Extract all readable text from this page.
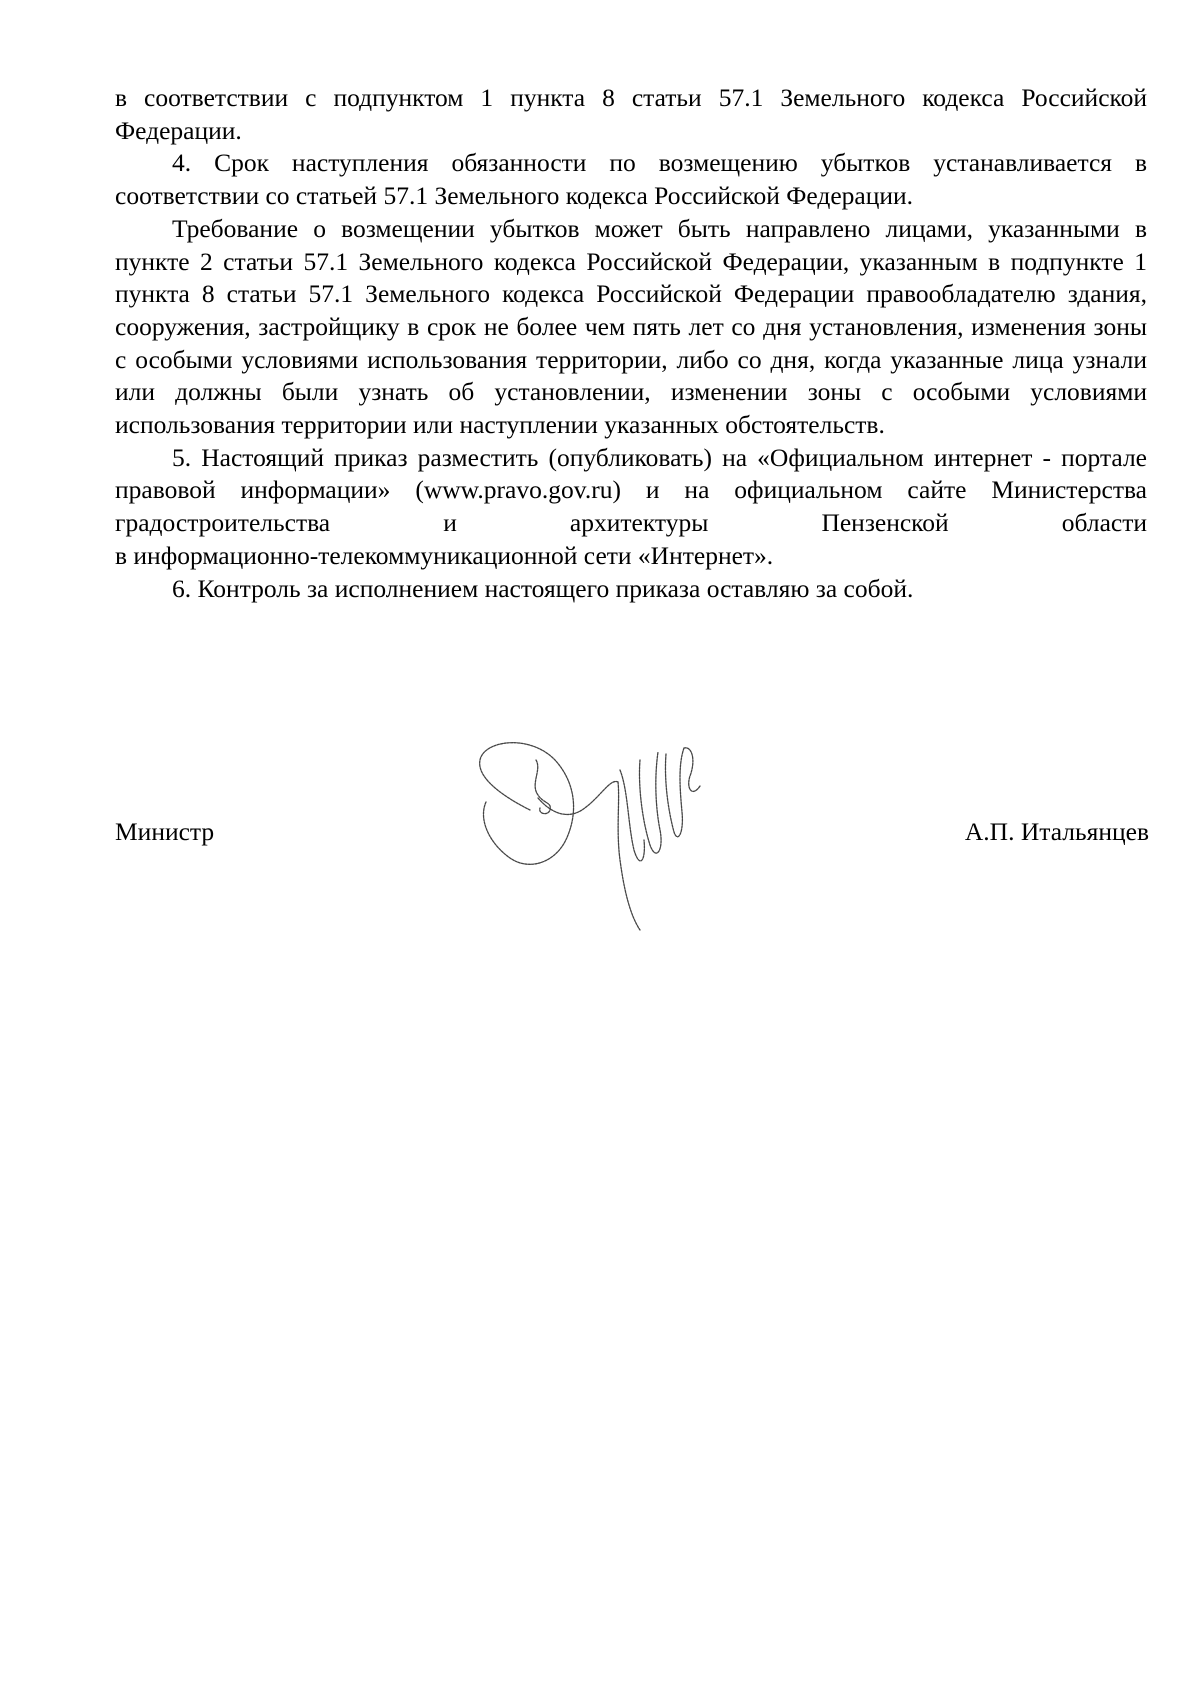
в соответствии с подпунктом 1 пункта 8 статьи 57.1 Земельного кодекса Российской Федерации.

4. Срок наступления обязанности по возмещению убытков устанавливается в соответствии со статьей 57.1 Земельного кодекса Российской Федерации.

Требование о возмещении убытков может быть направлено лицами, указанными в пункте 2 статьи 57.1 Земельного кодекса Российской Федерации, указанным в подпункте 1 пункта 8 статьи 57.1 Земельного кодекса Российской Федерации правообладателю здания, сооружения, застройщику в срок не более чем пять лет со дня установления, изменения зоны с особыми условиями использования территории, либо со дня, когда указанные лица узнали или должны были узнать об установлении, изменении зоны с особыми условиями использования территории или наступлении указанных обстоятельств.

5. Настоящий приказ разместить (опубликовать) на «Официальном интернет - портале правовой информации» (www.pravo.gov.ru) и на официальном сайте Министерства градостроительства и архитектуры Пензенской области

в информационно-телекоммуникационной сети «Интернет».

6. Контроль за исполнением настоящего приказа оставляю за собой.

Министр	А.П. Итальянцев
